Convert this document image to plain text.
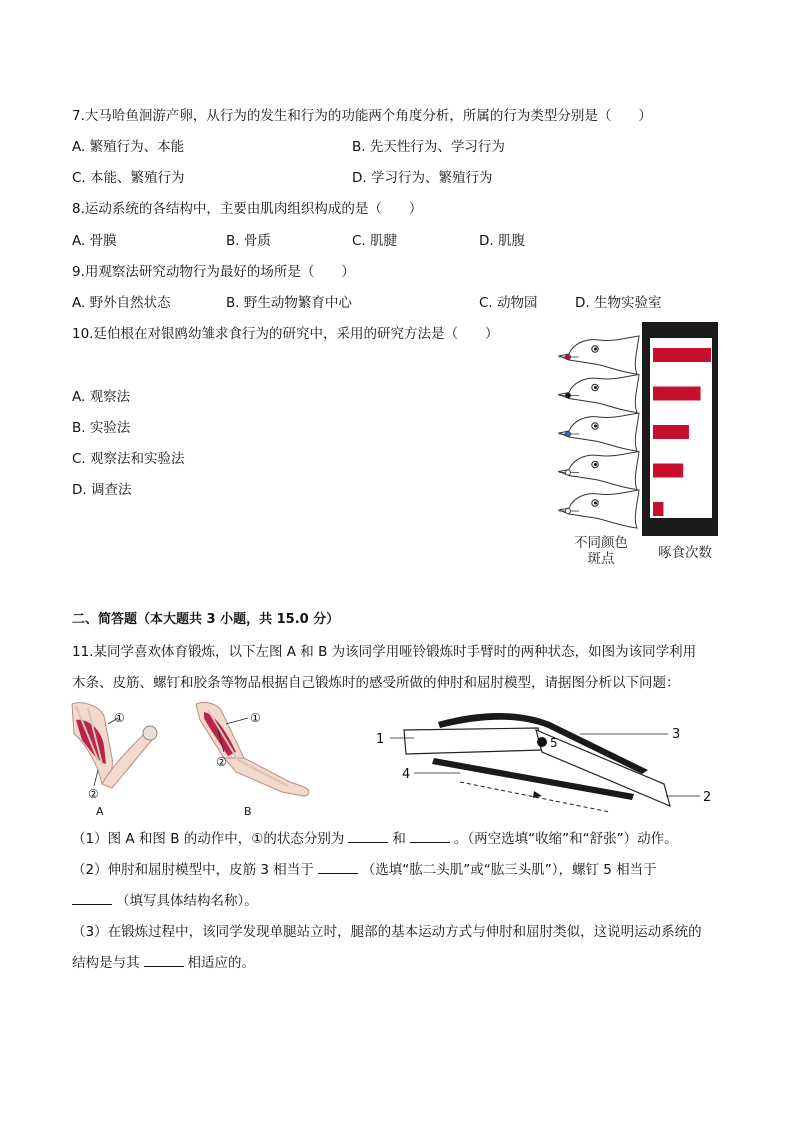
7.大马哈鱼洄游产卵，从行为的发生和行为的功能两个角度分析，所属的行为类型分别是（　　）
A. 繁殖行为、本能	B. 先天性行为、学习行为
C. 本能、繁殖行为	D. 学习行为、繁殖行为
8.运动系统的各结构中，主要由肌肉组织构成的是（　　）
A. 骨膜	B. 骨质	C. 肌腱	D. 肌腹
9.用观察法研究动物行为最好的场所是（　　）
A. 野外自然状态	B. 野生动物繁育中心	C. 动物园	D. 生物实验室
10.廷伯根在对银鸥幼雏求食行为的研究中，采用的研究方法是（　　）
A. 观察法
B. 实验法
C. 观察法和实验法
D. 调查法
不同颜色
斑点	啄食次数
二、简答题（本大题共 3 小题，共 15.0 分）
11.某同学喜欢体育锻炼，以下左图 A 和 B 为该同学用哑铃锻炼时手臂时的两种状态，如图为该同学利用
木条、皮筋、螺钉和胶条等物品根据自己锻炼时的感受所做的伸肘和屈肘模型，请据图分析以下问题：
①
②
A
①
②
B
5
1	3
4
2
（1）图 A 和图 B 的动作中，①的状态分别为	和	。（两空选填“收缩”和“舒张”）动作。
（2）伸肘和屈肘模型中，皮筋 3 相当于	（选填“肱二头肌”或“肱三头肌”），螺钉 5 相当于
（填写具体结构名称）。
（3）在锻炼过程中，该同学发现单腿站立时，腿部的基本运动方式与伸肘和屈肘类似，这说明运动系统的
结构是与其	相适应的。
